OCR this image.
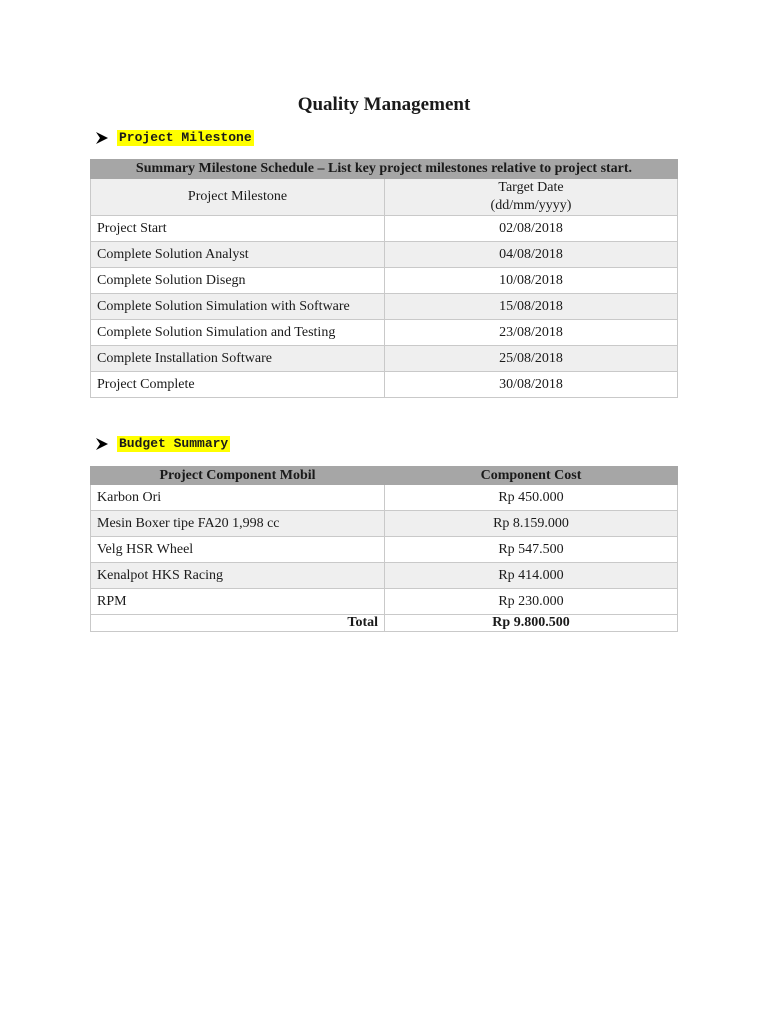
Quality Management
Project Milestone
Summary Milestone Schedule – List key project milestones relative to project start.	
Project Milestone	Target Date
(dd/mm/yyyy)
Project Start	02/08/2018
Complete Solution Analyst	04/08/2018
Complete Solution Disegn	10/08/2018
Complete Solution Simulation with Software	15/08/2018
Complete Solution Simulation and Testing	23/08/2018
Complete Installation Software	25/08/2018
Project Complete	30/08/2018
Budget Summary
Project Component Mobil	Component Cost
Karbon Ori	Rp 450.000
Mesin Boxer tipe FA20 1,998 cc	Rp 8.159.000
Velg HSR Wheel	Rp 547.500
Kenalpot HKS Racing	Rp 414.000
RPM	Rp 230.000
Total	Rp 9.800.500
